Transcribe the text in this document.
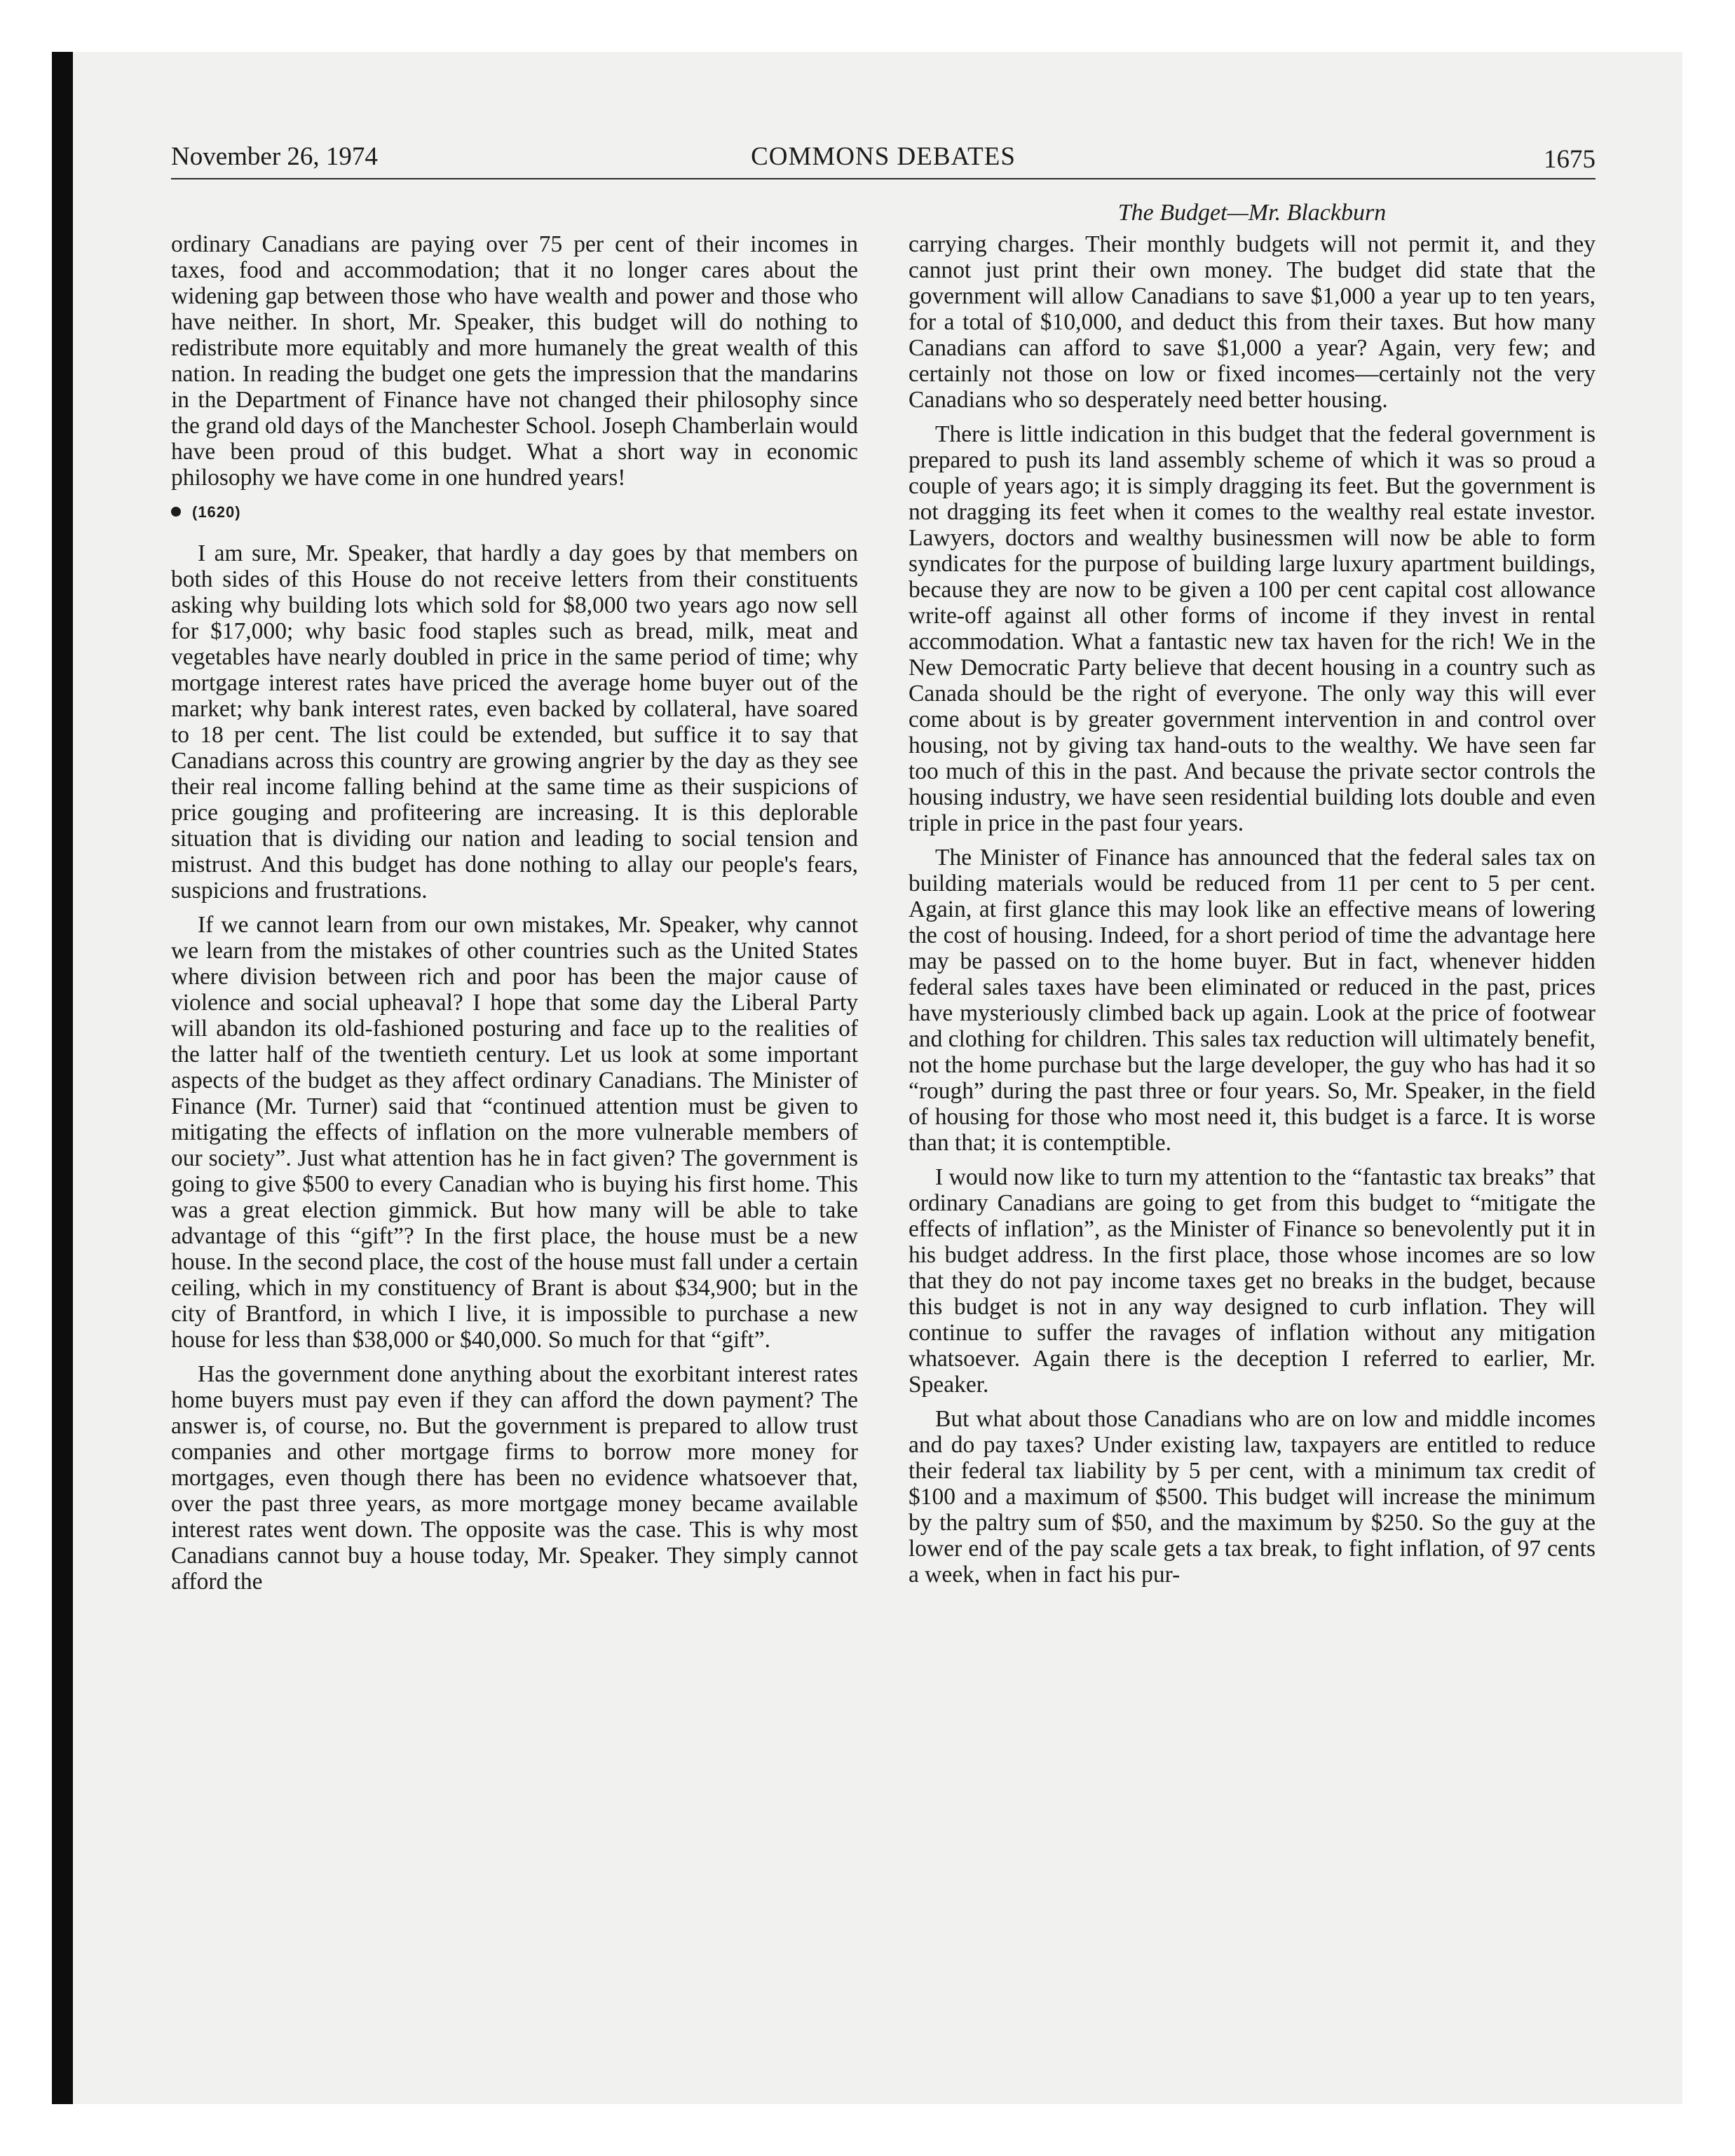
November 26, 1974	COMMONS DEBATES	1675
The Budget—Mr. Blackburn

ordinary Canadians are paying over 75 per cent of their incomes in taxes, food and accommodation; that it no longer cares about the widening gap between those who have wealth and power and those who have neither. In short, Mr. Speaker, this budget will do nothing to redistribute more equitably and more humanely the great wealth of this nation. In reading the budget one gets the impression that the mandarins in the Department of Finance have not changed their philosophy since the grand old days of the Manchester School. Joseph Chamberlain would have been proud of this budget. What a short way in economic philosophy we have come in one hundred years!

(1620)

I am sure, Mr. Speaker, that hardly a day goes by that members on both sides of this House do not receive letters from their constituents asking why building lots which sold for $8,000 two years ago now sell for $17,000; why basic food staples such as bread, milk, meat and vegetables have nearly doubled in price in the same period of time; why mortgage interest rates have priced the average home buyer out of the market; why bank interest rates, even backed by collateral, have soared to 18 per cent. The list could be extended, but suffice it to say that Canadians across this country are growing angrier by the day as they see their real income falling behind at the same time as their suspicions of price gouging and profiteering are increasing. It is this deplorable situation that is dividing our nation and leading to social tension and mistrust. And this budget has done nothing to allay our people's fears, suspicions and frustrations.

If we cannot learn from our own mistakes, Mr. Speaker, why cannot we learn from the mistakes of other countries such as the United States where division between rich and poor has been the major cause of violence and social upheaval? I hope that some day the Liberal Party will abandon its old-fashioned posturing and face up to the realities of the latter half of the twentieth century. Let us look at some important aspects of the budget as they affect ordinary Canadians. The Minister of Finance (Mr. Turner) said that “continued attention must be given to mitigating the effects of inflation on the more vulnerable members of our society”. Just what attention has he in fact given? The government is going to give $500 to every Canadian who is buying his first home. This was a great election gimmick. But how many will be able to take advantage of this “gift”? In the first place, the house must be a new house. In the second place, the cost of the house must fall under a certain ceiling, which in my constituency of Brant is about $34,900; but in the city of Brantford, in which I live, it is impossible to purchase a new house for less than $38,000 or $40,000. So much for that “gift”.

Has the government done anything about the exorbitant interest rates home buyers must pay even if they can afford the down payment? The answer is, of course, no. But the government is prepared to allow trust companies and other mortgage firms to borrow more money for mortgages, even though there has been no evidence whatsoever that, over the past three years, as more mortgage money became available interest rates went down. The opposite was the case. This is why most Canadians cannot buy a house today, Mr. Speaker. They simply cannot afford the

carrying charges. Their monthly budgets will not permit it, and they cannot just print their own money. The budget did state that the government will allow Canadians to save $1,000 a year up to ten years, for a total of $10,000, and deduct this from their taxes. But how many Canadians can afford to save $1,000 a year? Again, very few; and certainly not those on low or fixed incomes—certainly not the very Canadians who so desperately need better housing.

There is little indication in this budget that the federal government is prepared to push its land assembly scheme of which it was so proud a couple of years ago; it is simply dragging its feet. But the government is not dragging its feet when it comes to the wealthy real estate investor. Lawyers, doctors and wealthy businessmen will now be able to form syndicates for the purpose of building large luxury apartment buildings, because they are now to be given a 100 per cent capital cost allowance write-off against all other forms of income if they invest in rental accommodation. What a fantastic new tax haven for the rich! We in the New Democratic Party believe that decent housing in a country such as Canada should be the right of everyone. The only way this will ever come about is by greater government intervention in and control over housing, not by giving tax hand-outs to the wealthy. We have seen far too much of this in the past. And because the private sector controls the housing industry, we have seen residential building lots double and even triple in price in the past four years.

The Minister of Finance has announced that the federal sales tax on building materials would be reduced from 11 per cent to 5 per cent. Again, at first glance this may look like an effective means of lowering the cost of housing. Indeed, for a short period of time the advantage here may be passed on to the home buyer. But in fact, whenever hidden federal sales taxes have been eliminated or reduced in the past, prices have mysteriously climbed back up again. Look at the price of footwear and clothing for children. This sales tax reduction will ultimately benefit, not the home purchase but the large developer, the guy who has had it so “rough” during the past three or four years. So, Mr. Speaker, in the field of housing for those who most need it, this budget is a farce. It is worse than that; it is contemptible.

I would now like to turn my attention to the “fantastic tax breaks” that ordinary Canadians are going to get from this budget to “mitigate the effects of inflation”, as the Minister of Finance so benevolently put it in his budget address. In the first place, those whose incomes are so low that they do not pay income taxes get no breaks in the budget, because this budget is not in any way designed to curb inflation. They will continue to suffer the ravages of inflation without any mitigation whatsoever. Again there is the deception I referred to earlier, Mr. Speaker.

But what about those Canadians who are on low and middle incomes and do pay taxes? Under existing law, taxpayers are entitled to reduce their federal tax liability by 5 per cent, with a minimum tax credit of $100 and a maximum of $500. This budget will increase the minimum by the paltry sum of $50, and the maximum by $250. So the guy at the lower end of the pay scale gets a tax break, to fight inflation, of 97 cents a week, when in fact his pur-
